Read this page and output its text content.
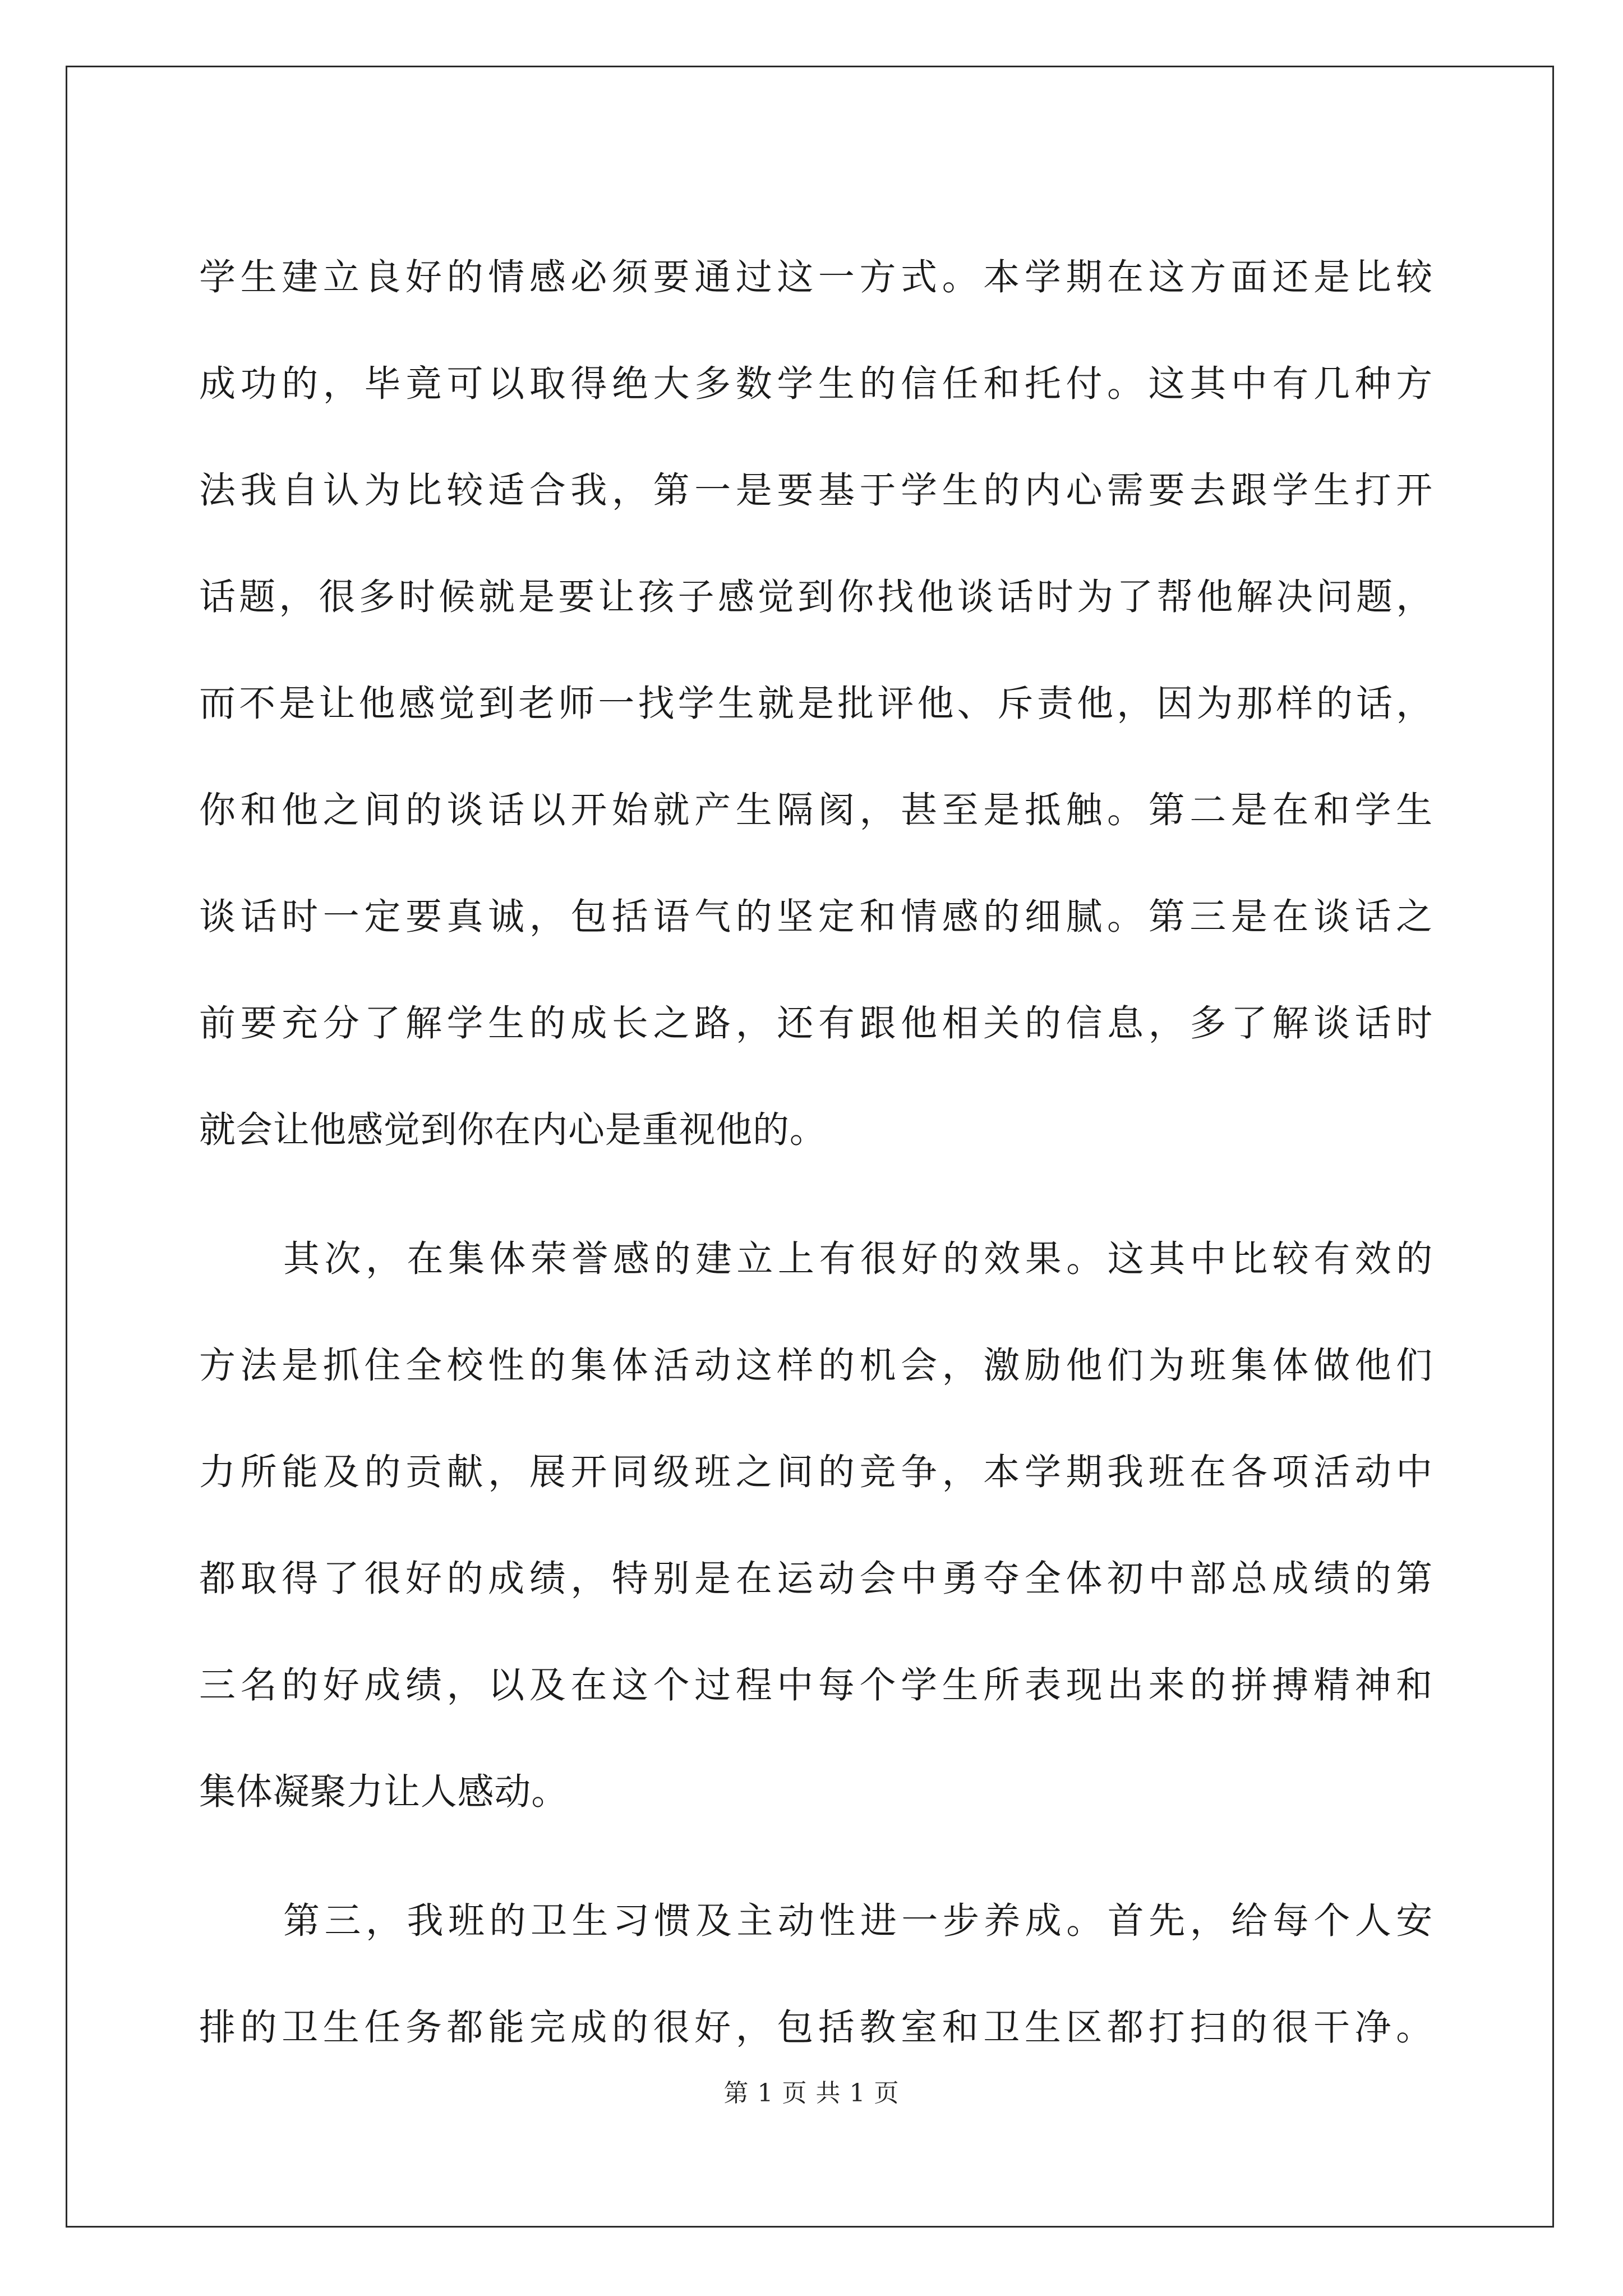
学生建立良好的情感必须要通过这一方式。本学期在这方面还是比较
成功的，毕竟可以取得绝大多数学生的信任和托付。这其中有几种方
法我自认为比较适合我，第一是要基于学生的内心需要去跟学生打开
话题，很多时候就是要让孩子感觉到你找他谈话时为了帮他解决问题，
而不是让他感觉到老师一找学生就是批评他、斥责他，因为那样的话，
你和他之间的谈话以开始就产生隔阂，甚至是抵触。第二是在和学生
谈话时一定要真诚，包括语气的坚定和情感的细腻。第三是在谈话之
前要充分了解学生的成长之路，还有跟他相关的信息，多了解谈话时
就会让他感觉到你在内心是重视他的。
其次，在集体荣誉感的建立上有很好的效果。这其中比较有效的
方法是抓住全校性的集体活动这样的机会，激励他们为班集体做他们
力所能及的贡献，展开同级班之间的竞争，本学期我班在各项活动中
都取得了很好的成绩，特别是在运动会中勇夺全体初中部总成绩的第
三名的好成绩，以及在这个过程中每个学生所表现出来的拼搏精神和
集体凝聚力让人感动。
第三，我班的卫生习惯及主动性进一步养成。首先，给每个人安
排的卫生任务都能完成的很好，包括教室和卫生区都打扫的很干净。
第 1 页 共 1 页
